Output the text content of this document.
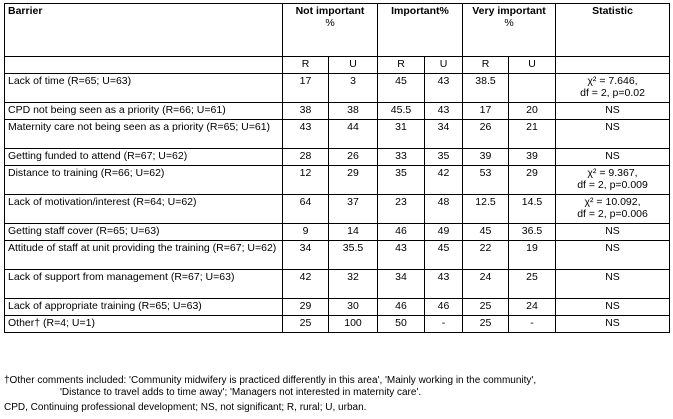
Barrier	Not important
%		Important%		Very important
%		Statistic
	R	U	R	U	R	U	
Lack of time (R=65; U=63)	17	3	45	43	38.5		χ² = 7.646,
df = 2, p=0.02
CPD not being seen as a priority (R=66; U=61)	38	38	45.5	43	17	20	NS
Maternity care not being seen as a priority (R=65; U=61)	43	44	31	34	26	21	NS
Getting funded to attend (R=67; U=62)	28	26	33	35	39	39	NS
Distance to training (R=66; U=62)	12	29	35	42	53	29	χ² = 9.367,
df = 2, p=0.009
Lack of motivation/interest (R=64; U=62)	64	37	23	48	12.5	14.5	χ² = 10.092,
df = 2, p=0.006
Getting staff cover (R=65; U=63)	9	14	46	49	45	36.5	NS
Attitude of staff at unit providing the training (R=67; U=62)	34	35.5	43	45	22	19	NS
Lack of support from management (R=67; U=63)	42	32	34	43	24	25	NS
Lack of appropriate training (R=65; U=63)	29	30	46	46	25	24	NS
Other† (R=4; U=1)	25	100	50	-	25	-	NS
†Other comments included: 'Community midwifery is practiced differently in this area', 'Mainly working in the community',
'Distance to travel adds to time away'; 'Managers not interested in maternity care'.
CPD, Continuing professional development; NS, not significant; R, rural; U, urban.
